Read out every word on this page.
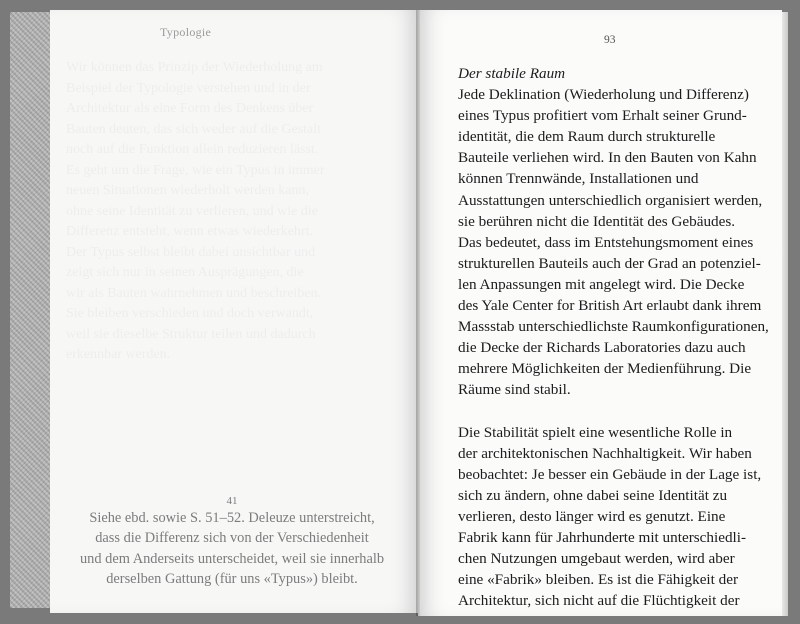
Typologie
41
Siehe ebd. sowie S. 51–52. Deleuze unterstreicht,
dass die Differenz sich von der Verschiedenheit
und dem Anderseits unterscheidet, weil sie innerhalb
derselben Gattung (für uns «Typus») bleibt.
93
Der stabile Raum

Jede Deklination (Wiederholung und Differenz)
eines Typus profitiert vom Erhalt seiner Grund-
identität, die dem Raum durch strukturelle
Bauteile verliehen wird. In den Bauten von Kahn
können Trennwände, Installationen und
Ausstattungen unterschiedlich organisiert werden,
sie berühren nicht die Identität des Gebäudes.
Das bedeutet, dass im Entstehungsmoment eines
strukturellen Bauteils auch der Grad an potenziel-
len Anpassungen mit angelegt wird. Die Decke
des Yale Center for British Art erlaubt dank ihrem
Massstab unterschiedlichste Raumkonfigurationen,
die Decke der Richards Laboratories dazu auch
mehrere Möglichkeiten der Medienführung. Die
Räume sind stabil.

Die Stabilität spielt eine wesentliche Rolle in
der architektonischen Nachhaltigkeit. Wir haben
beobachtet: Je besser ein Gebäude in der Lage ist,
sich zu ändern, ohne dabei seine Identität zu
verlieren, desto länger wird es genutzt. Eine
Fabrik kann für Jahrhunderte mit unterschiedli-
chen Nutzungen umgebaut werden, wird aber
eine «Fabrik» bleiben. Es ist die Fähigkeit der
Architektur, sich nicht auf die Flüchtigkeit der
